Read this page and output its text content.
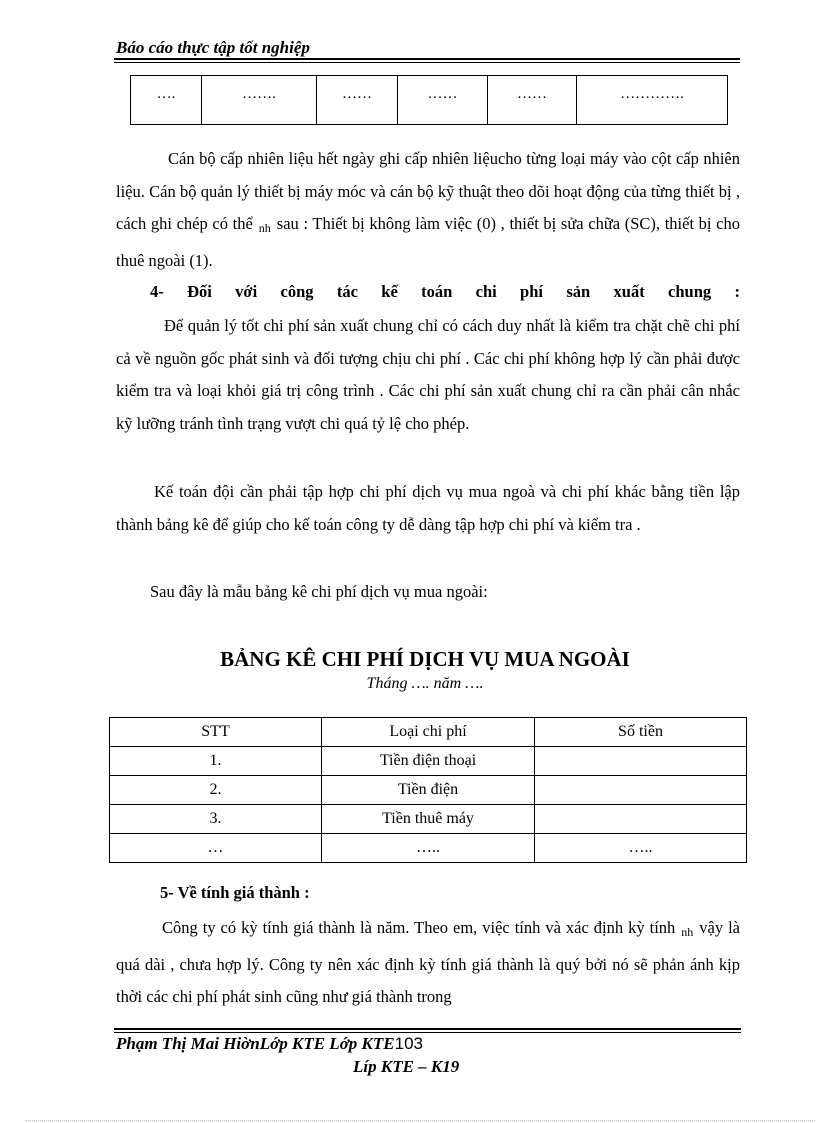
Báo cáo thực tập tốt nghiệp
….	…….	……	……	……	………….

Cán bộ cấp nhiên liệu hết ngày ghi cấp nhiên liệucho từng loại máy vào cột cấp nhiên liệu. Cán bộ quản lý thiết bị máy móc và cán bộ kỹ thuật theo dõi hoạt động của từng thiết bị , cách ghi chép có thể nh sau : Thiết bị không làm việc (0) , thiết bị sửa chữa (SC), thiết bị cho thuê ngoài (1).

4- Đối với công tác kế toán chi phí sản xuất chung :

Để quản lý tốt chi phí sản xuất chung chỉ có cách duy nhất là kiểm tra chặt chẽ chi phí cả về nguồn gốc phát sinh và đối tượng chịu chi phí . Các chi phí không hợp lý cần phải được kiểm tra và loại khỏi giá trị công trình . Các chi phí sản xuất chung chỉ ra cần phải cân nhắc kỹ lưỡng tránh tình trạng vượt chi quá tỷ lệ cho phép.

Kế toán đội cần phải tập hợp chi phí dịch vụ mua ngoà và chi phí khác bằng tiền lập thành bảng kê để giúp cho kế toán công ty dễ dàng tập hợp chi phí và kiểm tra .

Sau đây là mẫu bảng kê chi phí dịch vụ mua ngoài:

BẢNG KÊ CHI PHÍ DỊCH VỤ MUA NGOÀI
Tháng …. năm ….
STT	Loại chi phí	Số tiền
1.	Tiền điện thoại	
2.	Tiền điện	
3.	Tiền thuê máy	
…	…..	…..

5- Về tính giá thành :

Công ty có kỳ tính giá thành là năm. Theo em, việc tính và xác định kỳ tính nh vậy là quá dài , chưa hợp lý. Công ty nên xác định kỳ tính giá thành là quý bởi nó sẽ phản ánh kịp thời các chi phí phát sinh cũng như giá thành trong

Phạm Thị Mai HiờnLớp KTE Lớp KTE103
Líp KTE – K19
